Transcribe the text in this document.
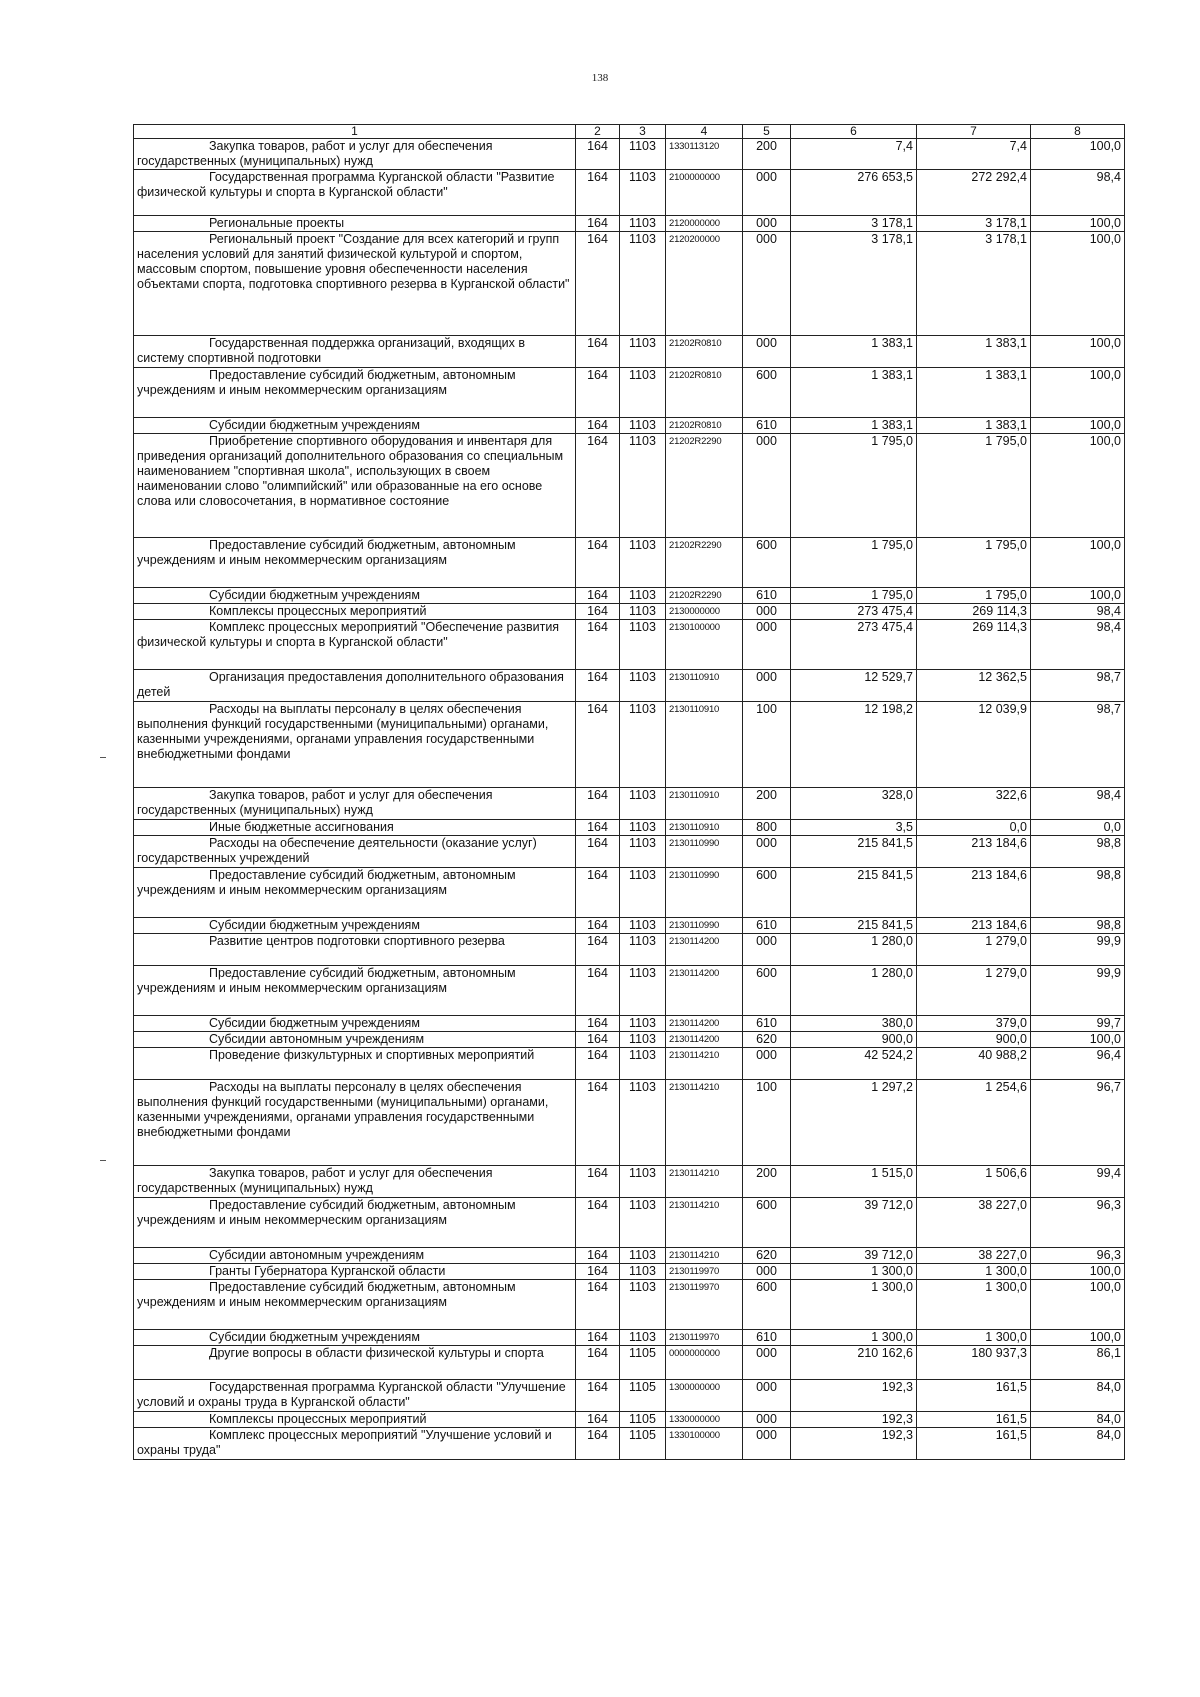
138
1	2	3	4	5	6	7	8

Закупка товаров, работ и услуг для обеспечения государственных (муниципальных) нужд	164	1103	1330113120	200	7,4	7,4	100,0

Государственная программа Курганской области "Развитие физической культуры и спорта в Курганской области"	164	1103	2100000000	000	276 653,5	272 292,4	98,4

Региональные проекты	164	1103	2120000000	000	3 178,1	3 178,1	100,0

Региональный проект "Создание для всех категорий и групп населения условий для занятий физической культурой и спортом, массовым спортом, повышение уровня обеспеченности населения объектами спорта, подготовка спортивного резерва в Курганской области"	164	1103	2120200000	000	3 178,1	3 178,1	100,0

Государственная поддержка организаций, входящих в систему спортивной подготовки	164	1103	21202R0810	000	1 383,1	1 383,1	100,0

Предоставление субсидий бюджетным, автономным учреждениям и иным некоммерческим организациям	164	1103	21202R0810	600	1 383,1	1 383,1	100,0

Субсидии бюджетным учреждениям	164	1103	21202R0810	610	1 383,1	1 383,1	100,0

Приобретение спортивного оборудования и инвентаря для приведения организаций дополнительного образования со специальным наименованием "спортивная школа", использующих в своем наименовании слово "олимпийский" или образованные на его основе слова или словосочетания, в нормативное состояние	164	1103	21202R2290	000	1 795,0	1 795,0	100,0

Предоставление субсидий бюджетным, автономным учреждениям и иным некоммерческим организациям	164	1103	21202R2290	600	1 795,0	1 795,0	100,0

Субсидии бюджетным учреждениям	164	1103	21202R2290	610	1 795,0	1 795,0	100,0

Комплексы процессных мероприятий	164	1103	2130000000	000	273 475,4	269 114,3	98,4

Комплекс процессных мероприятий "Обеспечение развития физической культуры и спорта в Курганской области"	164	1103	2130100000	000	273 475,4	269 114,3	98,4

Организация предоставления дополнительного образования детей	164	1103	2130110910	000	12 529,7	12 362,5	98,7

Расходы на выплаты персоналу в целях обеспечения выполнения функций государственными (муниципальными) органами, казенными учреждениями, органами управления государственными внебюджетными фондами	164	1103	2130110910	100	12 198,2	12 039,9	98,7

Закупка товаров, работ и услуг для обеспечения государственных (муниципальных) нужд	164	1103	2130110910	200	328,0	322,6	98,4

Иные бюджетные ассигнования	164	1103	2130110910	800	3,5	0,0	0,0

Расходы на обеспечение деятельности (оказание услуг) государственных учреждений	164	1103	2130110990	000	215 841,5	213 184,6	98,8

Предоставление субсидий бюджетным, автономным учреждениям и иным некоммерческим организациям	164	1103	2130110990	600	215 841,5	213 184,6	98,8

Субсидии бюджетным учреждениям	164	1103	2130110990	610	215 841,5	213 184,6	98,8

Развитие центров подготовки спортивного резерва	164	1103	2130114200	000	1 280,0	1 279,0	99,9

Предоставление субсидий бюджетным, автономным учреждениям и иным некоммерческим организациям	164	1103	2130114200	600	1 280,0	1 279,0	99,9

Субсидии бюджетным учреждениям	164	1103	2130114200	610	380,0	379,0	99,7

Субсидии автономным учреждениям	164	1103	2130114200	620	900,0	900,0	100,0

Проведение физкультурных и спортивных мероприятий	164	1103	2130114210	000	42 524,2	40 988,2	96,4

Расходы на выплаты персоналу в целях обеспечения выполнения функций государственными (муниципальными) органами, казенными учреждениями, органами управления государственными внебюджетными фондами	164	1103	2130114210	100	1 297,2	1 254,6	96,7

Закупка товаров, работ и услуг для обеспечения государственных (муниципальных) нужд	164	1103	2130114210	200	1 515,0	1 506,6	99,4

Предоставление субсидий бюджетным, автономным учреждениям и иным некоммерческим организациям	164	1103	2130114210	600	39 712,0	38 227,0	96,3

Субсидии автономным учреждениям	164	1103	2130114210	620	39 712,0	38 227,0	96,3

Гранты Губернатора Курганской области	164	1103	2130119970	000	1 300,0	1 300,0	100,0

Предоставление субсидий бюджетным, автономным учреждениям и иным некоммерческим организациям	164	1103	2130119970	600	1 300,0	1 300,0	100,0

Субсидии бюджетным учреждениям	164	1103	2130119970	610	1 300,0	1 300,0	100,0

Другие вопросы в области физической культуры и спорта	164	1105	0000000000	000	210 162,6	180 937,3	86,1

Государственная программа Курганской области "Улучшение условий и охраны труда в Курганской области"	164	1105	1300000000	000	192,3	161,5	84,0

Комплексы процессных мероприятий	164	1105	1330000000	000	192,3	161,5	84,0

Комплекс процессных мероприятий "Улучшение условий и охраны труда"	164	1105	1330100000	000	192,3	161,5	84,0
